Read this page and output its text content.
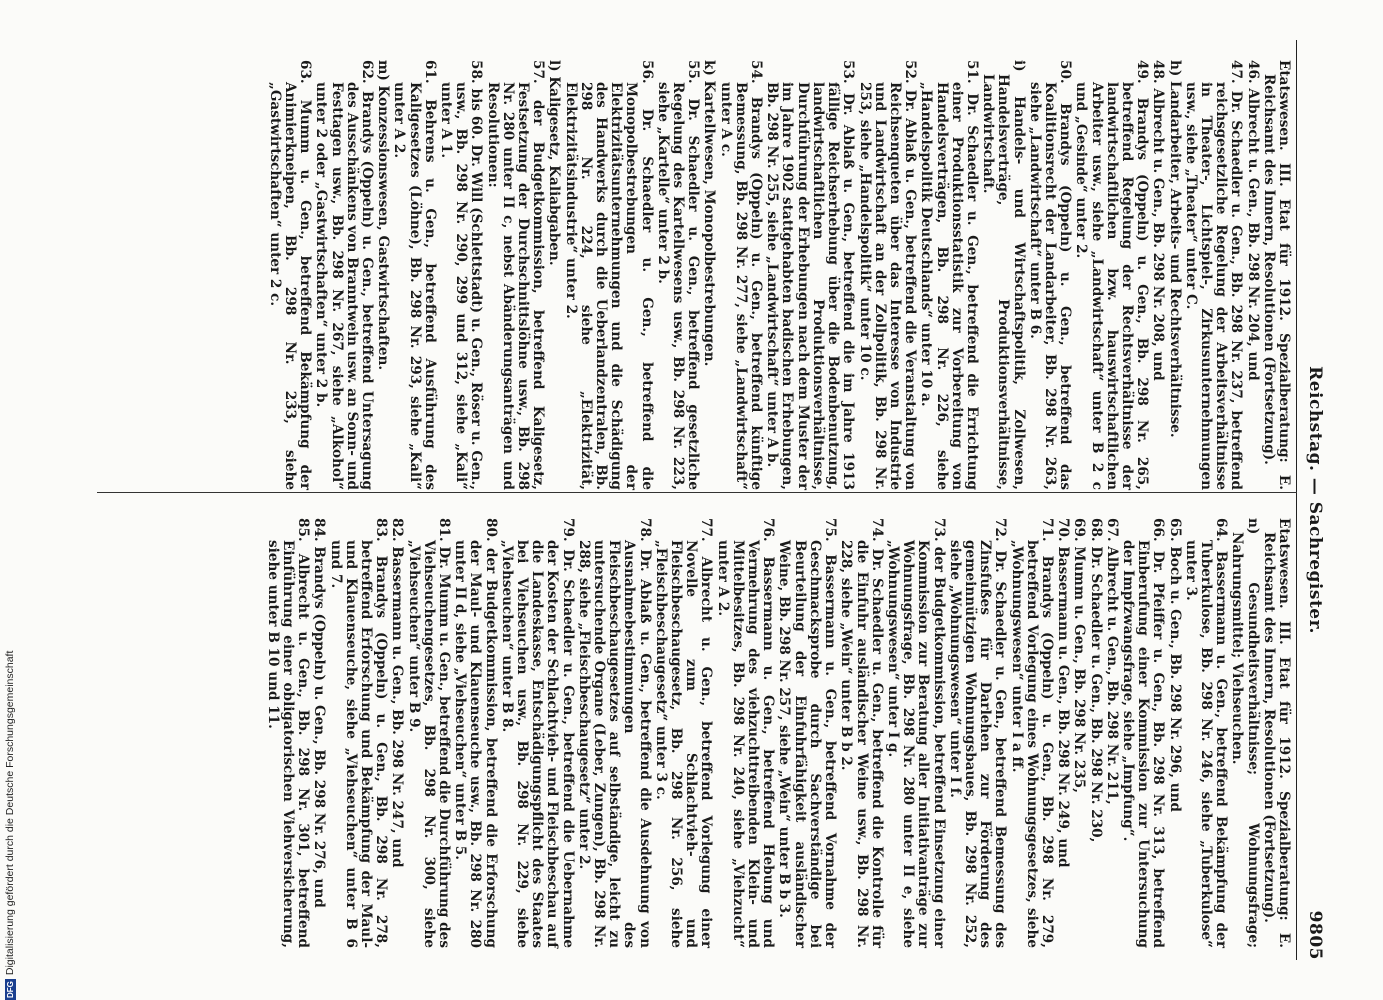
Reichstag. — Sachregister.
9805

Etatswesen. III. Etat für 1912. Spezialberatung: E. Reichsamt des Innern, Resolutionen (Fortsetzung).

46. Albrecht u. Gen., Bb. 298 Nr. 204, und

47. Dr. Schaedler u. Gen., Bb. 298 Nr. 237, betreffend reichsgesetzliche Regelung der Arbeitsverhältnisse in Theater-, Lichtspiel-, Zirkusunternehmungen usw., siehe „Theater“ unter C.

h) Landarbeiter, Arbeits- und Rechtsverhältnisse.

48. Albrecht u. Gen., Bb. 298 Nr. 208, und

49. Brandys (Oppeln) u. Gen., Bb. 298 Nr. 265, betreffend Regelung der Rechtsverhältnisse der landwirtschaftlichen bzw. hauswirtschaftlichen Arbeiter usw., siehe „Landwirtschaft“ unter B 2 c und „Gesinde“ unter 2.

50. Brandys (Oppeln) u. Gen., betreffend das Koalitionsrecht der Landarbeiter, Bb. 298 Nr. 263, siehe „Landwirtschaft“ unter B 6.

i) Handels- und Wirtschaftspolitik, Zollwesen, Handelsverträge, Produktionsverhältnisse, Landwirtschaft.

51. Dr. Schaedler u. Gen., betreffend die Errichtung einer Produktionsstatistik zur Vorbereitung von Handelsverträgen, Bb. 298 Nr. 226, siehe „Handelspolitik Deutschlands“ unter 10 a.

52. Dr. Ablaß u. Gen., betreffend die Veranstaltung von Reichsenqueten über das Interesse von Industrie und Landwirtschaft an der Zollpolitik, Bb. 298 Nr. 253, siehe „Handelspolitik“ unter 10 c.

53. Dr. Ablaß u. Gen., betreffend die im Jahre 1913 fällige Reichserhebung über die Bodenbenutzung, landwirtschaftlichen Produktionsverhältnisse, Durchführung der Erhebungen nach dem Muster der im Jahre 1902 stattgehabten badischen Erhebungen, Bb. 298 Nr. 255, siehe „Landwirtschaft“ unter A b.

54. Brandys (Oppeln) u. Gen., betreffend künftige Bemessung, Bb. 298 Nr. 277, siehe „Landwirtschaft“ unter A c.

k) Kartellwesen, Monopolbestrebungen.

55. Dr. Schaedler u. Gen., betreffend gesetzliche Regelung des Kartellwesens usw., Bb. 298 Nr. 223, siehe „Kartelle“ unter 2 b.

56. Dr. Schaedler u. Gen., betreffend die Monopolbestrebungen der Elektrizitätsunternehmungen und die Schädigung des Handwerks durch die Ueberlandzentralen, Bb. 298 Nr. 224, siehe „Elektrizität, Elektrizitätsindustrie“ unter 2.

l) Kaligesetz, Kaliabgaben.

57. der Budgetkommission, betreffend Kaligesetz, Festsetzung der Durchschnittslöhne usw., Bb. 298 Nr. 280 unter II c, nebst Abänderungsanträgen und Resolutionen:

58. bis 60. Dr. Will (Schlettstadt) u. Gen., Röser u. Gen., usw., Bb. 298 Nr. 290, 299 und 312, siehe „Kali“ unter A 1.

61. Behrens u. Gen., betreffend Ausführung des Kaligesetzes (Löhne), Bb. 298 Nr. 293, siehe „Kali“ unter A 2.

m) Konzessionswesen, Gastwirtschaften.

62. Brandys (Oppeln) u. Gen., betreffend Untersagung des Ausschänkens von Branntwein usw. an Sonn- und Festtagen usw., Bb. 298 Nr. 267, siehe „Alkohol“ unter 2 oder „Gastwirtschaften“ unter 2 b.

63. Mumm u. Gen., betreffend Bekämpfung der Animierkneipen, Bb. 298 Nr. 233, siehe „Gastwirtschaften“ unter 2 c.

Etatswesen. III. Etat für 1912. Spezialberatung: E. Reichsamt des Innern, Resolutionen (Fortsetzung).

n) Gesundheitsverhältnisse; Wohnungsfrage; Nahrungsmittel; Viehseuchen.

64. Bassermann u. Gen., betreffend Bekämpfung der Tuberkulose, Bb. 298 Nr. 246, siehe „Tuberkulose“ unter 3.

65. Boch u. Gen., Bb. 298 Nr. 296, und

66. Dr. Pfeiffer u. Gen., Bb. 298 Nr. 313, betreffend Einberufung einer Kommission zur Untersuchung der Impfzwangsfrage, siehe „Impfung“.

67. Albrecht u. Gen., Bb. 298 Nr. 211,

68. Dr. Schaedler u. Gen., Bb. 298 Nr. 230,

69. Mumm u. Gen., Bb. 298 Nr. 235,

70. Bassermann u. Gen., Bb. 298 Nr. 249, und

71. Brandys (Oppeln) u. Gen., Bb. 298 Nr. 279, betreffend Vorlegung eines Wohnungsgesetzes, siehe „Wohnungswesen“ unter I a ff.

72. Dr. Schaedler u. Gen., betreffend Bemessung des Zinsfußes für Darlehen zur Förderung des gemeinnützigen Wohnungsbaues, Bb. 298 Nr. 252, siehe „Wohnungswesen“ unter I f.

73. der Budgetkommission, betreffend Einsetzung einer Kommission zur Beratung aller Initiativanträge zur Wohnungsfrage, Bb. 298 Nr. 280 unter II e, siehe „Wohnungswesen“ unter I g.

74. Dr. Schaedler u. Gen., betreffend die Kontrolle für die Einfuhr ausländischer Weine usw., Bb. 298 Nr. 228, siehe „Wein“ unter B b 2.

75. Bassermann u. Gen., betreffend Vornahme der Geschmacksprobe durch Sachverständige bei Beurteilung der Einfuhrfähigkeit ausländischer Weine, Bb. 298 Nr. 257, siehe „Wein“ unter B b 3.

76. Bassermann u. Gen., betreffend Hebung und Vermehrung des viehzuchttreibenden Klein- und Mittelbesitzes, Bb. 298 Nr. 240, siehe „Viehzucht“ unter A 2.

77. Albrecht u. Gen., betreffend Vorlegung einer Novelle zum Schlachtvieh- und Fleischbeschaugesetz, Bb. 298 Nr. 256, siehe „Fleischbeschaugesetz“ unter 3 c.

78. Dr. Ablaß u. Gen., betreffend die Ausdehnung von Ausnahmebestimmungen des Fleischbeschaugesetzes auf selbständige, leicht zu untersuchende Organe (Leber, Zungen), Bb. 298 Nr. 288, siehe „Fleischbeschaugesetz“ unter 2.

79. Dr. Schaedler u. Gen., betreffend die Uebernahme der Kosten der Schlachtvieh- und Fleischbeschau auf die Landeskasse, Entschädigungspflicht des Staates bei Viehseuchen usw., Bb. 298 Nr. 229, siehe „Viehseuchen“ unter B 8.

80. der Budgetkommission, betreffend die Erforschung der Maul- und Klauenseuche usw., Bb. 298 Nr. 280 unter II d, siehe „Viehseuchen“ unter B 5.

81. Dr. Mumm u. Gen., betreffend die Durchführung des Viehseuchengesetzes, Bb. 298 Nr. 300, siehe „Viehseuchen“ unter B 9.

82. Bassermann u. Gen., Bb. 298 Nr. 247, und

83. Brandys (Oppeln) u. Gen., Bb. 298 Nr. 278, betreffend Erforschung und Bekämpfung der Maul- und Klauenseuche, siehe „Viehseuchen“ unter B 6 und 7.

84. Brandys (Oppeln) u. Gen., Bb. 298 Nr. 276, und

85. Albrecht u. Gen., Bb. 298 Nr. 301, betreffend Einführung einer obligatorischen Viehversicherung, siehe unter B 10 und 11.

DFGDigitalisierung gefördert durch die Deutsche Forschungsgemeinschaft
